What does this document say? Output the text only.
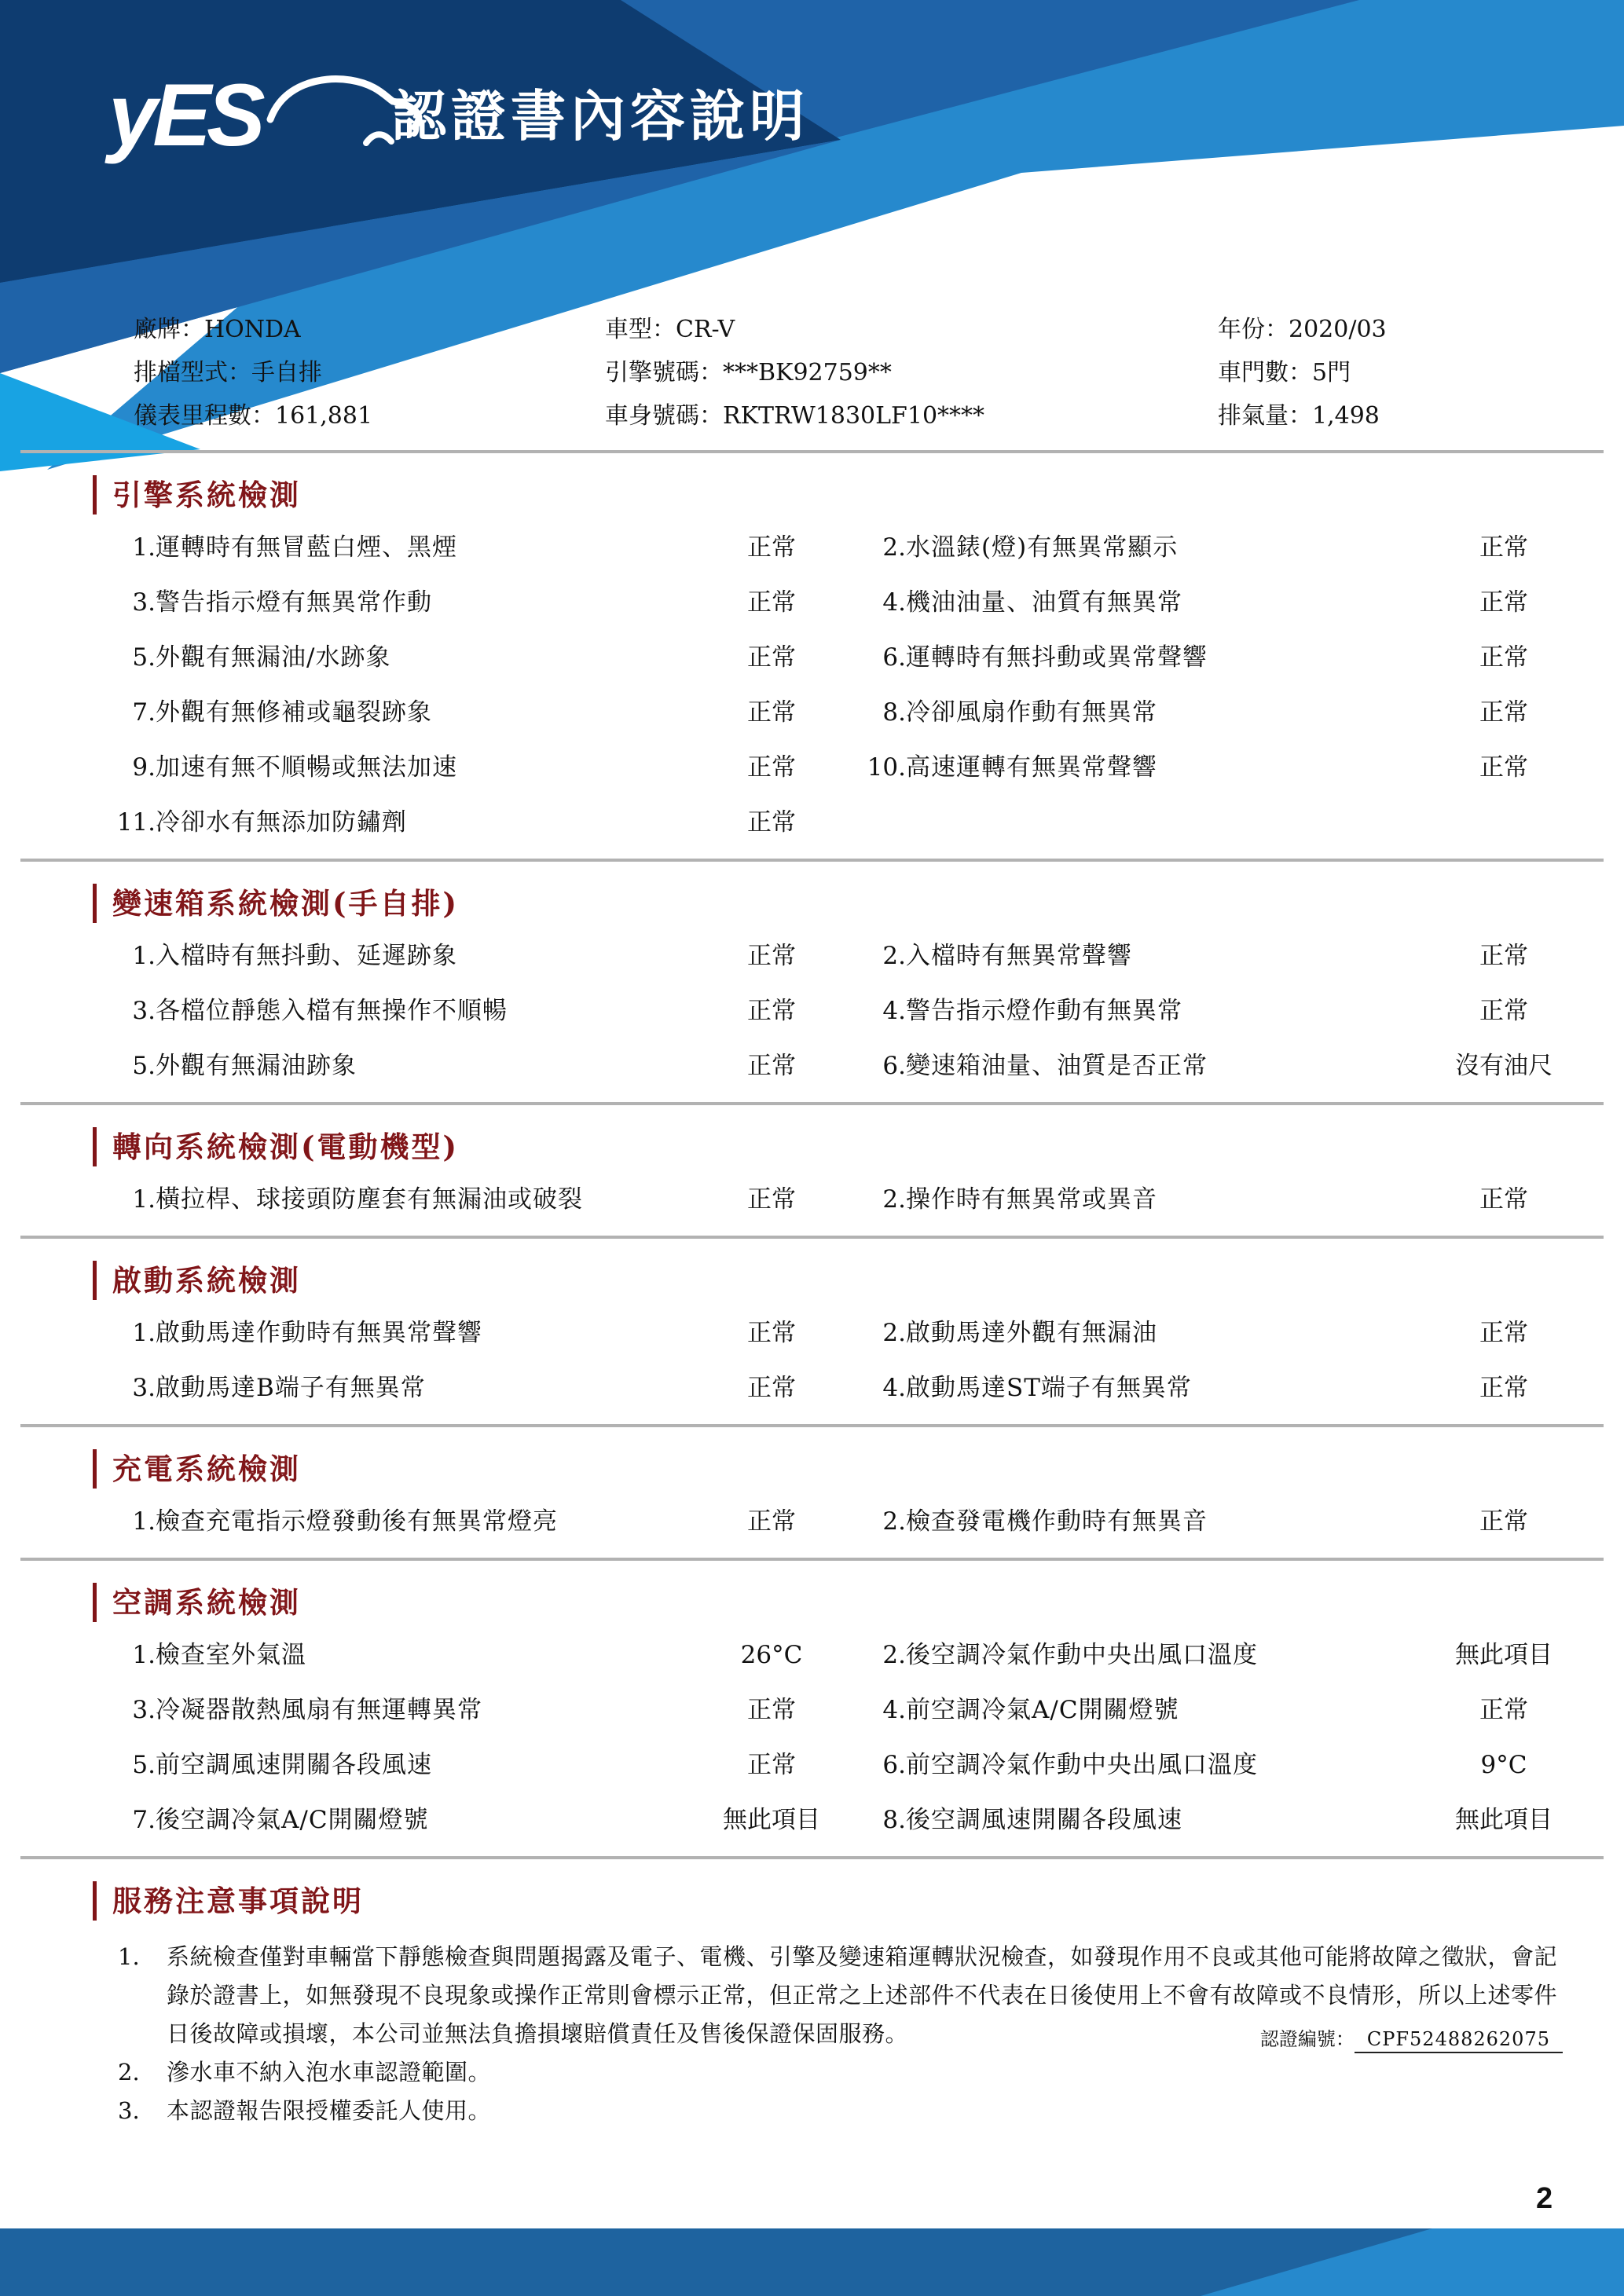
yES 認證書內容說明
廠牌：HONDA	車型：CR-V	年份：2020/03
排檔型式：手自排	引擎號碼：***BK92759**	車門數：5門
儀表里程數：161,881	車身號碼：RKTRW1830LF10****	排氣量：1,498
引擎系統檢測
1. 運轉時有無冒藍白煙、黑煙	正常	2. 水溫錶(燈)有無異常顯示	正常
3. 警告指示燈有無異常作動	正常	4. 機油油量、油質有無異常	正常
5. 外觀有無漏油/水跡象	正常	6. 運轉時有無抖動或異常聲響	正常
7. 外觀有無修補或龜裂跡象	正常	8. 冷卻風扇作動有無異常	正常
9. 加速有無不順暢或無法加速	正常	10. 高速運轉有無異常聲響	正常
11. 冷卻水有無添加防鏽劑	正常
變速箱系統檢測(手自排)
1. 入檔時有無抖動、延遲跡象	正常	2. 入檔時有無異常聲響	正常
3. 各檔位靜態入檔有無操作不順暢	正常	4. 警告指示燈作動有無異常	正常
5. 外觀有無漏油跡象	正常	6. 變速箱油量、油質是否正常	沒有油尺
轉向系統檢測(電動機型)
1. 橫拉桿、球接頭防塵套有無漏油或破裂	正常	2. 操作時有無異常或異音	正常
啟動系統檢測
1. 啟動馬達作動時有無異常聲響	正常	2. 啟動馬達外觀有無漏油	正常
3. 啟動馬達B端子有無異常	正常	4. 啟動馬達ST端子有無異常	正常
充電系統檢測
1. 檢查充電指示燈發動後有無異常燈亮	正常	2. 檢查發電機作動時有無異音	正常
空調系統檢測
1. 檢查室外氣溫	26°C	2. 後空調冷氣作動中央出風口溫度	無此項目
3. 冷凝器散熱風扇有無運轉異常	正常	4. 前空調冷氣A/C開關燈號	正常
5. 前空調風速開關各段風速	正常	6. 前空調冷氣作動中央出風口溫度	9°C
7. 後空調冷氣A/C開關燈號	無此項目	8. 後空調風速開關各段風速	無此項目
服務注意事項說明
1.	系統檢查僅對車輛當下靜態檢查與問題揭露及電子、電機、引擎及變速箱運轉狀況檢查，如發現作用不良或其他可能將故障之徵狀，會記錄於證書上，如無發現不良現象或操作正常則會標示正常，但正常之上述部件不代表在日後使用上不會有故障或不良情形，所以上述零件日後故障或損壞，本公司並無法負擔損壞賠償責任及售後保證保固服務。
2.	滲水車不納入泡水車認證範圍。
3.	本認證報告限授權委託人使用。
認證編號： CPF52488262075
2
